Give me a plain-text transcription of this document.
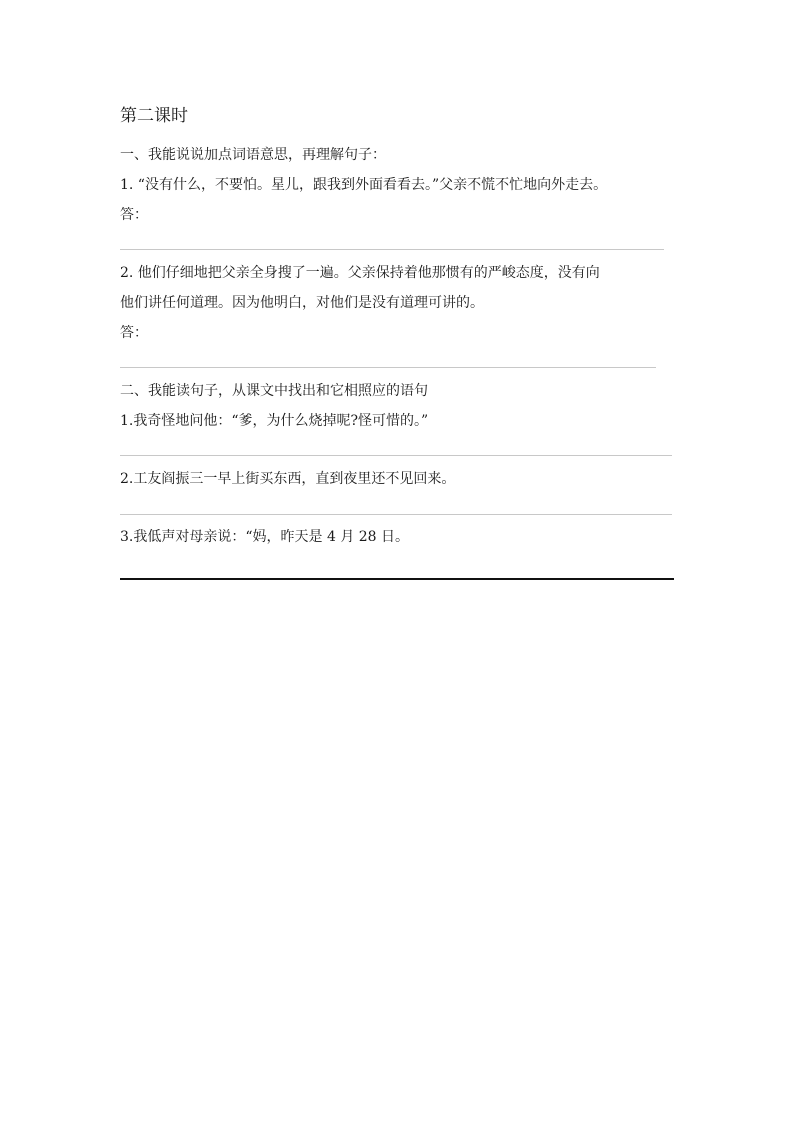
第二课时
一、我能说说加点词语意思，再理解句子：
1. “没有什么，不要怕。星儿，跟我到外面看看去。”父亲不慌不忙地向外走去。
答：
2. 他们仔细地把父亲全身搜了一遍。父亲保持着他那惯有的严峻态度，没有向
他们讲任何道理。因为他明白，对他们是没有道理可讲的。
答：
二、我能读句子，从课文中找出和它相照应的语句
1.我奇怪地问他：“爹，为什么烧掉呢?怪可惜的。”
2.工友阎振三一早上街买东西，直到夜里还不见回来。
3.我低声对母亲说：“妈，昨天是 4 月 28 日。
